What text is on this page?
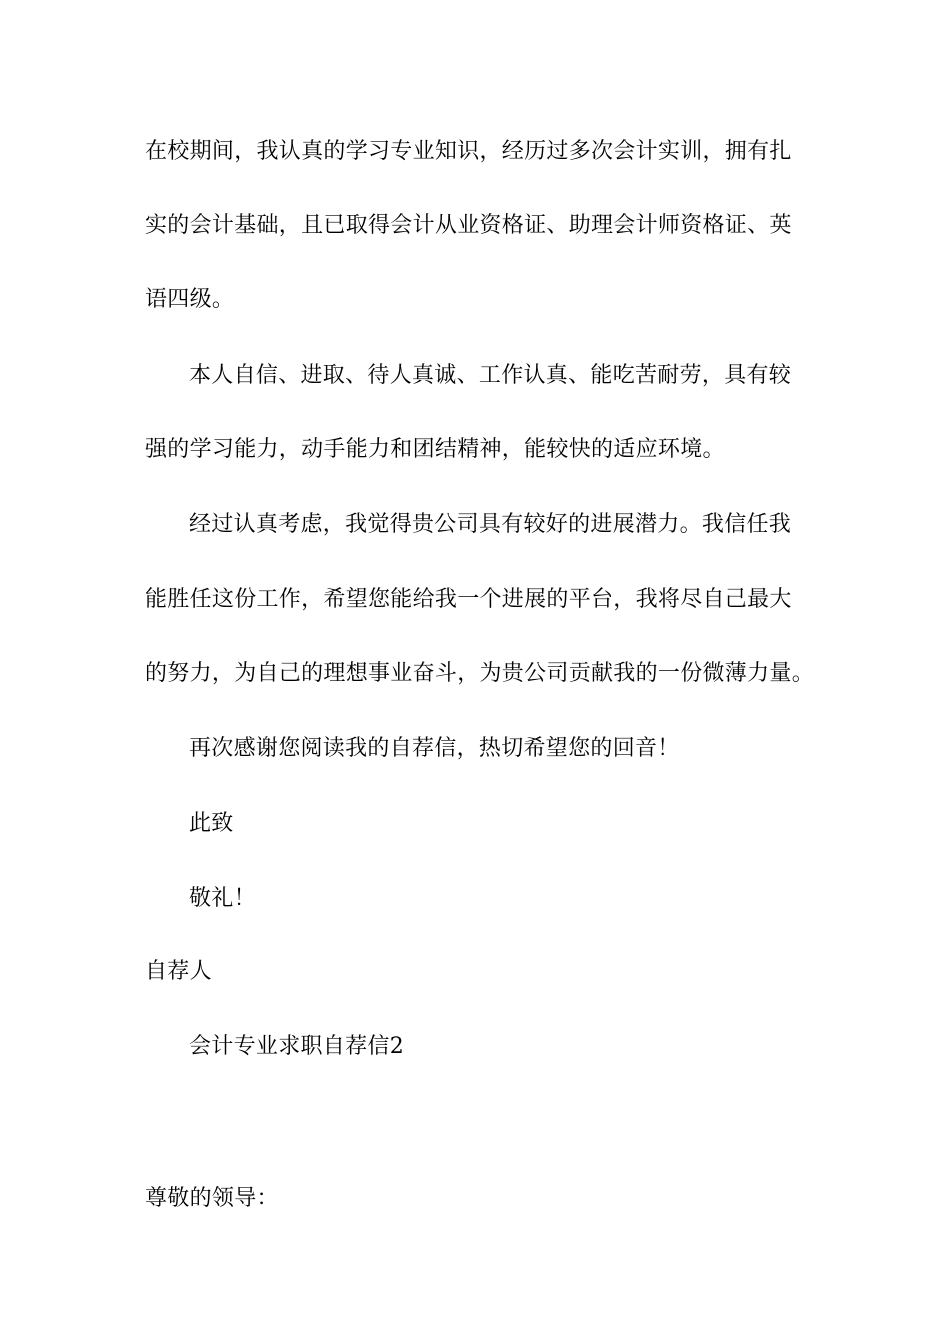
在校期间，我认真的学习专业知识，经历过多次会计实训，拥有扎
实的会计基础，且已取得会计从业资格证、助理会计师资格证、英
语四级。
本人自信、进取、待人真诚、工作认真、能吃苦耐劳，具有较
强的学习能力，动手能力和团结精神，能较快的适应环境。
经过认真考虑，我觉得贵公司具有较好的进展潜力。我信任我
能胜任这份工作，希望您能给我一个进展的平台，我将尽自己最大
的努力，为自己的理想事业奋斗，为贵公司贡献我的一份微薄力量。
再次感谢您阅读我的自荐信，热切希望您的回音！
此致
敬礼！
自荐人
会计专业求职自荐信2
尊敬的领导：
